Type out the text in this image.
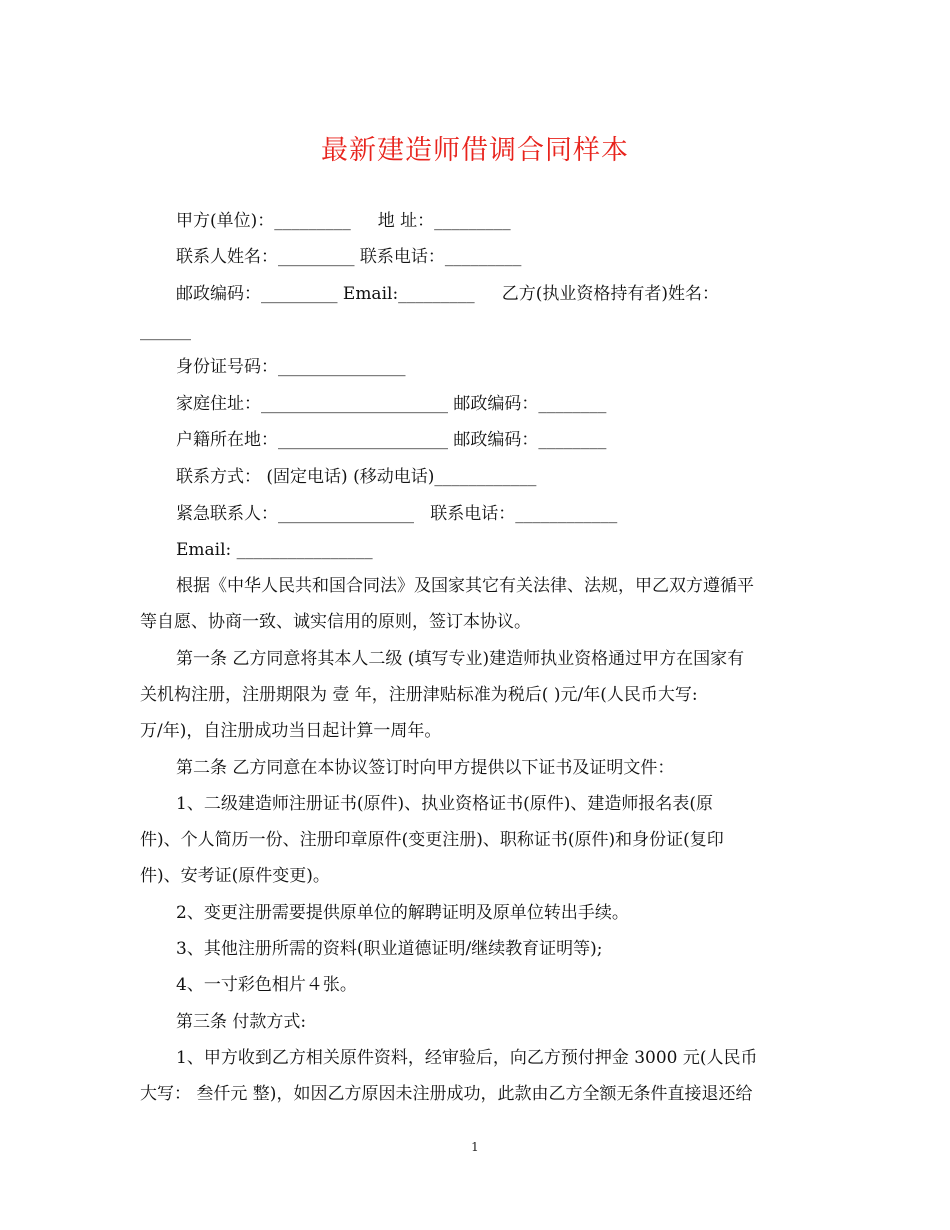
最新建造师借调合同样本
甲方(单位)：_________     地 址：_________
联系人姓名：_________ 联系电话：_________
邮政编码：_________ Email:_________     乙方(执业资格持有者)姓名：
______
身份证号码：_______________
家庭住址：______________________ 邮政编码：________
户籍所在地：____________________ 邮政编码：________
联系方式： (固定电话) (移动电话)____________
紧急联系人：________________   联系电话：____________
Email: ________________
根据《中华人民共和国合同法》及国家其它有关法律、法规，甲乙双方遵循平
等自愿、协商一致、诚实信用的原则，签订本协议。
第一条 乙方同意将其本人二级 (填写专业)建造师执业资格通过甲方在国家有
关机构注册，注册期限为 壹 年，注册津贴标准为税后( )元/年(人民币大写:
万/年)，自注册成功当日起计算一周年。
第二条 乙方同意在本协议签订时向甲方提供以下证书及证明文件：
1、二级建造师注册证书(原件)、执业资格证书(原件)、建造师报名表(原
件)、个人简历一份、注册印章原件(变更注册)、职称证书(原件)和身份证(复印
件)、安考证(原件变更)。
2、变更注册需要提供原单位的解聘证明及原单位转出手续。
3、其他注册所需的资料(职业道德证明/继续教育证明等);
4、一寸彩色相片４张。
第三条 付款方式:
1、甲方收到乙方相关原件资料，经审验后，向乙方预付押金 3000 元(人民币
大写： 叁仟元 整)，如因乙方原因未注册成功，此款由乙方全额无条件直接退还给
1
